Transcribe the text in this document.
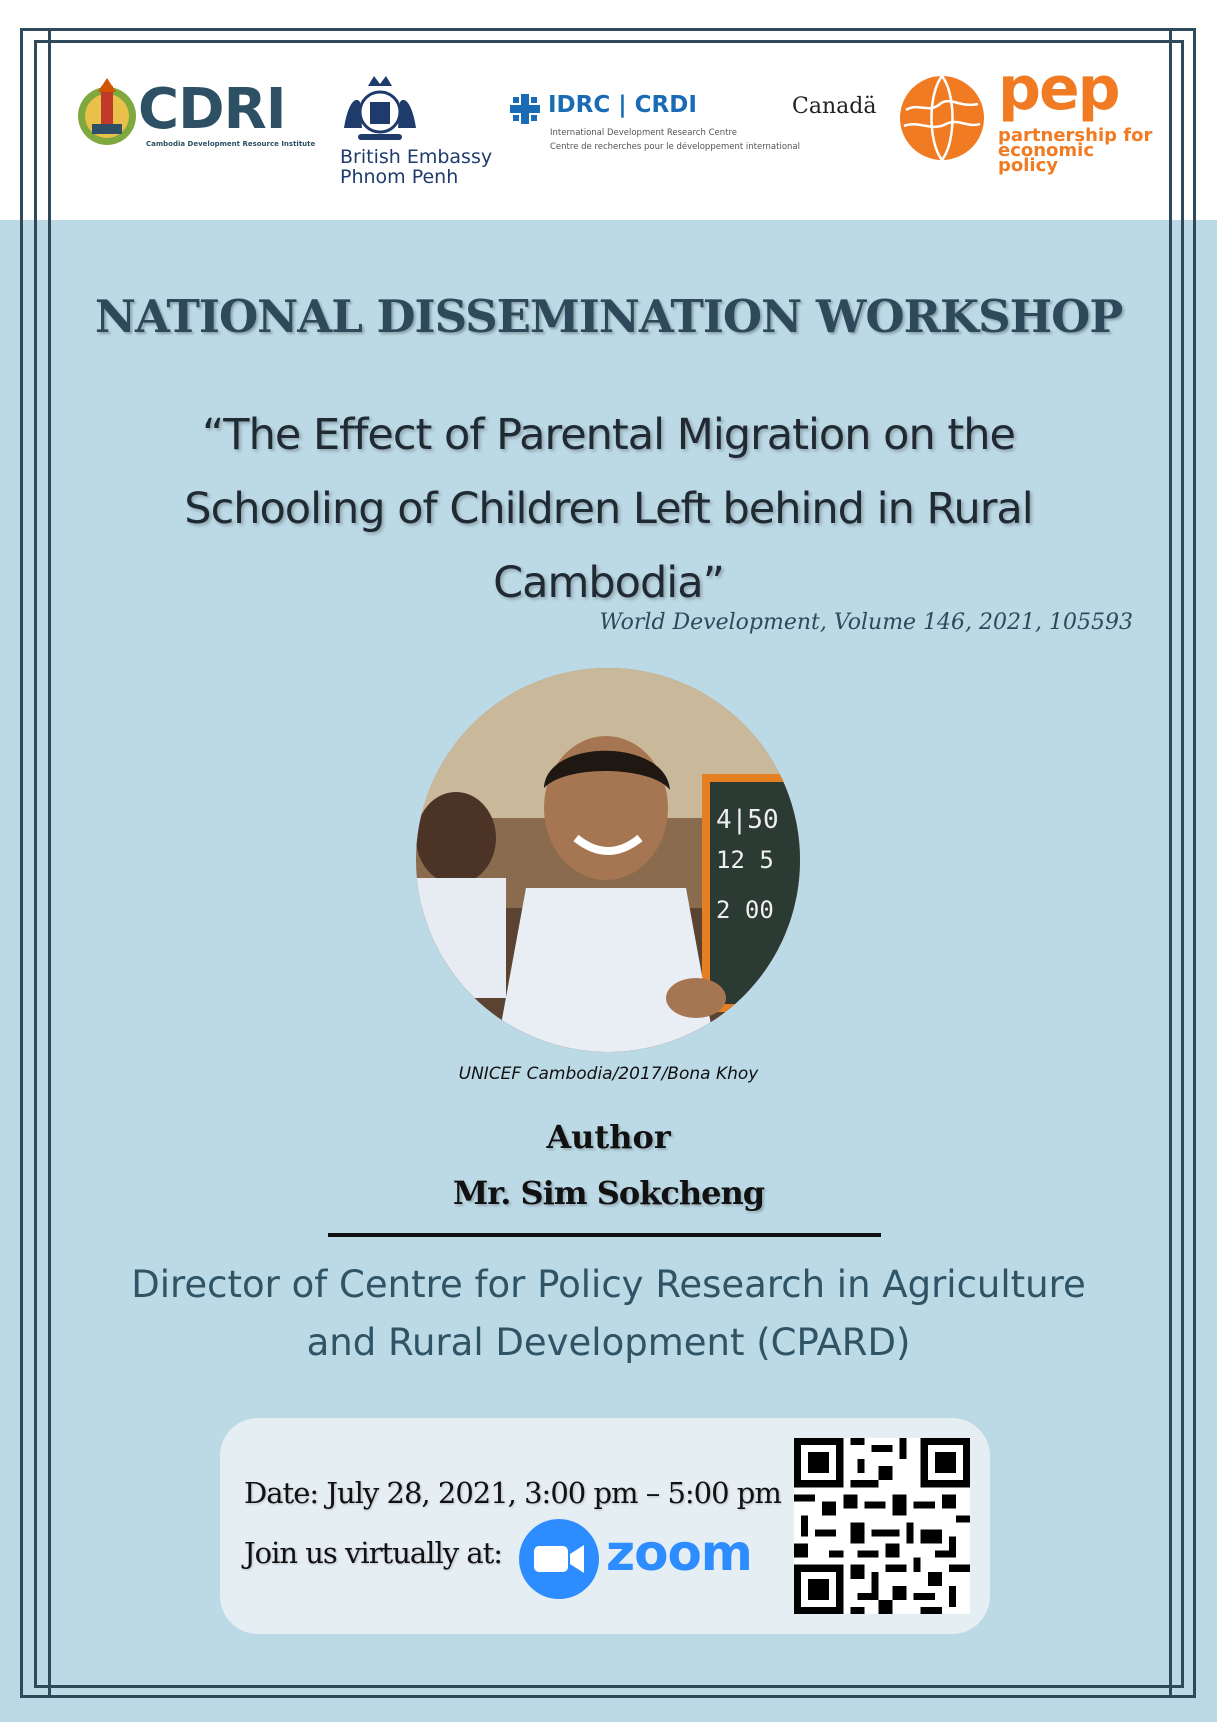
CDRI
Cambodia Development Resource Institute
British Embassy
Phnom Penh
IDRC | CRDI
International Development Research Centre
Centre de recherches pour le développement international
Canadä pep
partnership for economic policy
NATIONAL DISSEMINATION WORKSHOP
“The Effect of Parental Migration on the Schooling of Children Left behind in Rural Cambodia”
World Development, Volume 146, 2021, 105593
4|50
12 5
2 00
UNICEF Cambodia/2017/Bona Khoy
Author
Mr. Sim Sokcheng
Director of Centre for Policy Research in Agriculture and Rural Development (CPARD)
Date: July 28, 2021, 3:00 pm – 5:00 pm
Join us virtually at: zoom
